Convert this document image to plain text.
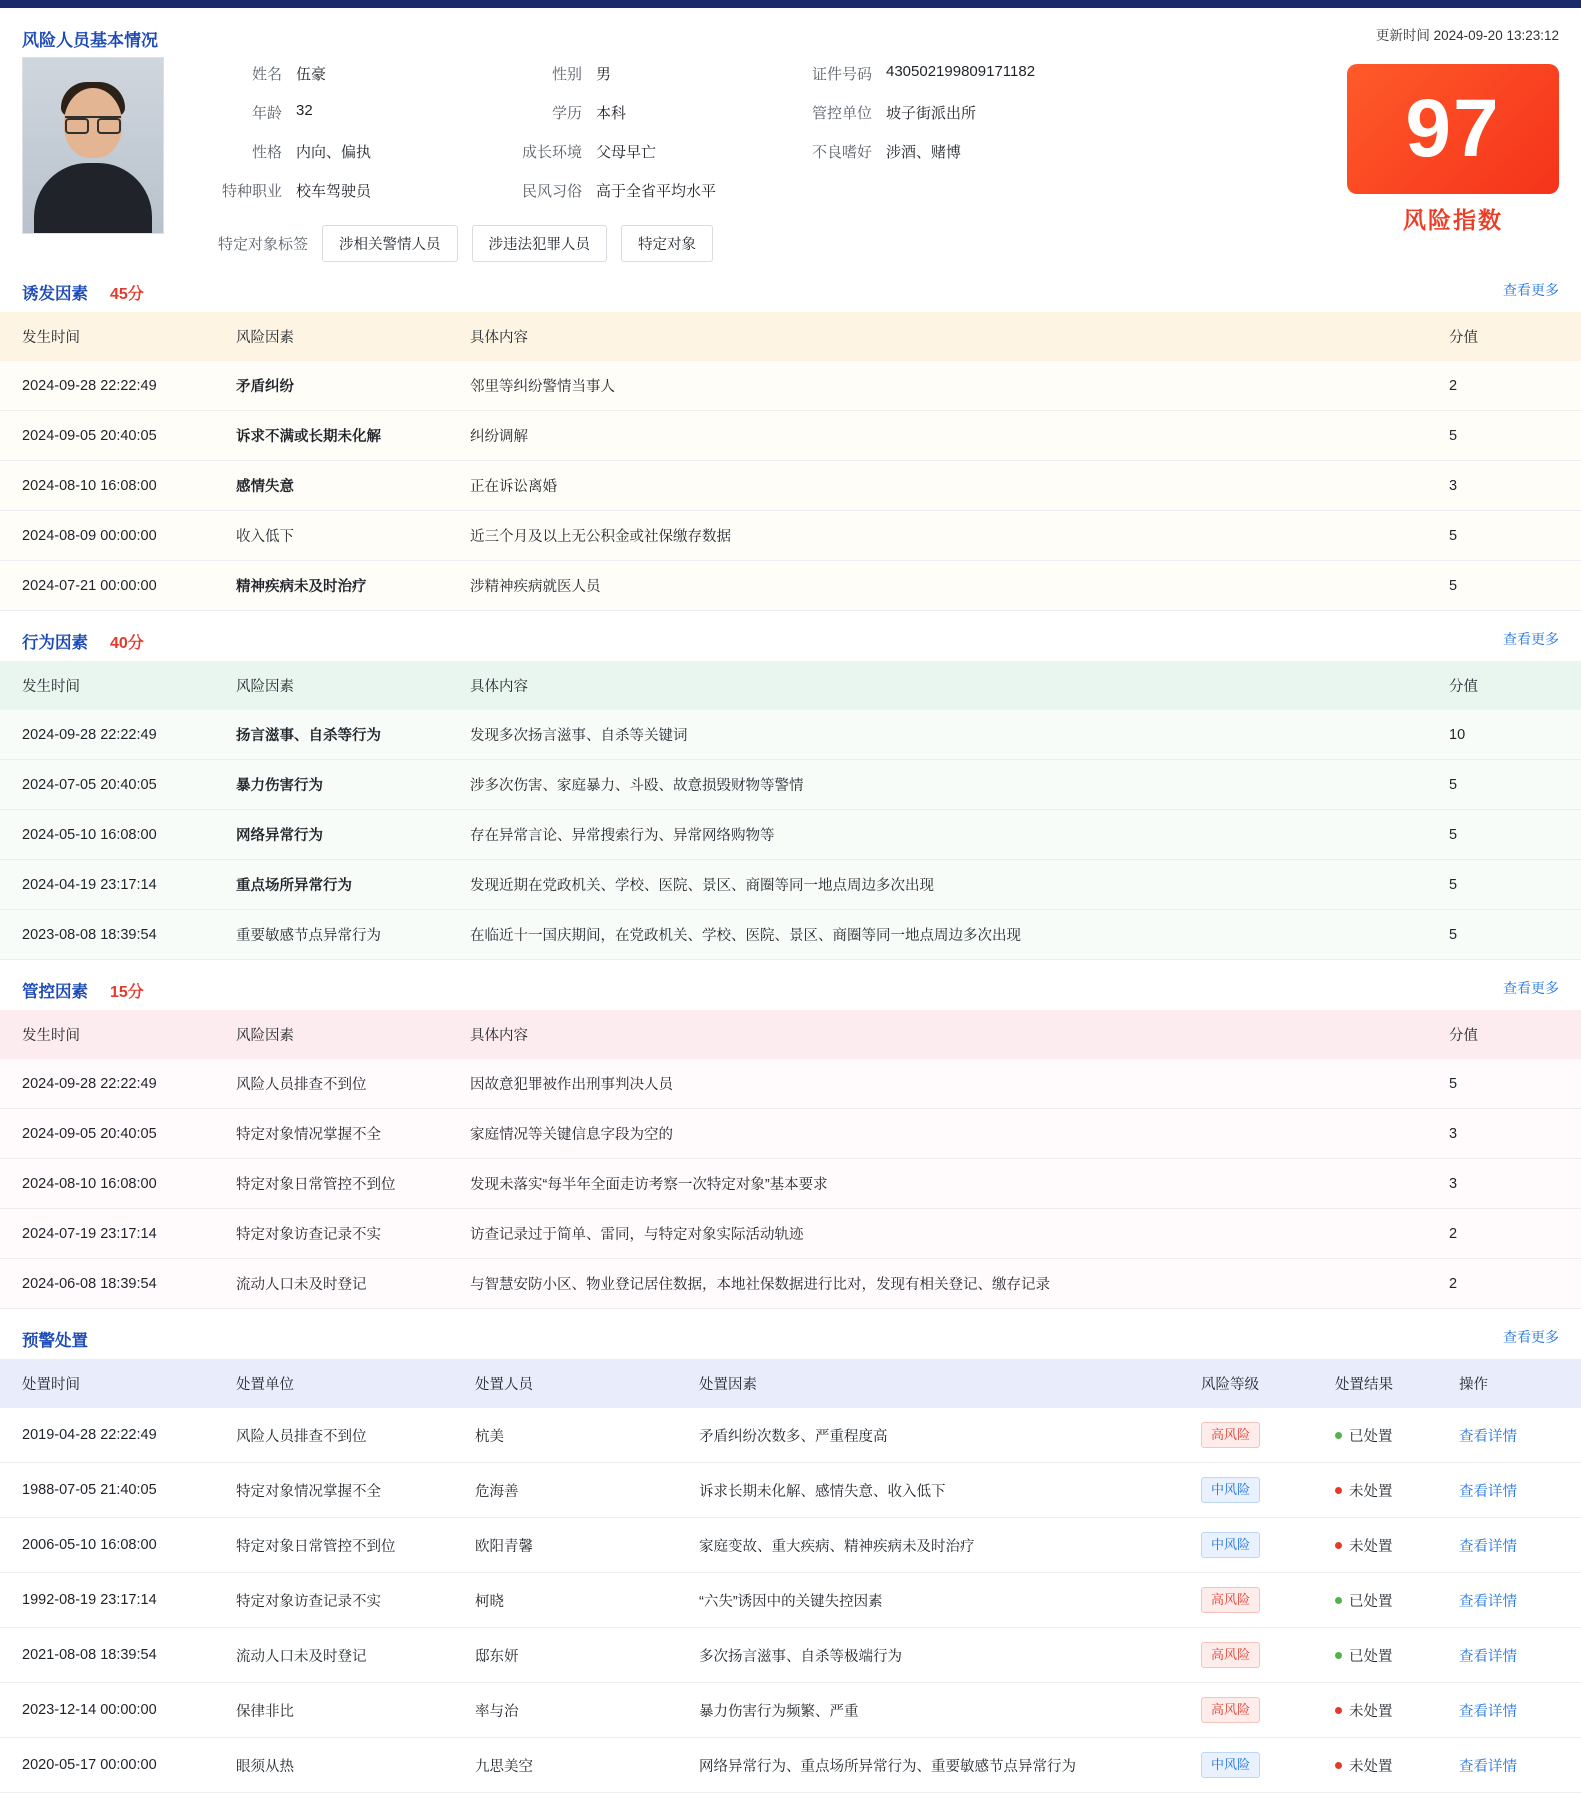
风险人员基本情况	更新时间 2024-09-20 13:23:12
姓名 伍豪	性别 男	证件号码 430502199809171182
年龄 32	学历 本科	管控单位 坡子街派出所
性格 内向、偏执	成长环境 父母早亡	不良嗜好 涉酒、赌博
特种职业 校车驾驶员	民风习俗 高于全省平均水平
特定对象标签	涉相关警情人员	涉违法犯罪人员	特定对象
97
风险指数
诱发因素 45分	查看更多
发生时间	风险因素	具体内容	分值
2024-09-28 22:22:49	矛盾纠纷	邻里等纠纷警情当事人	2
2024-09-05 20:40:05	诉求不满或长期未化解	纠纷调解	5
2024-08-10 16:08:00	感情失意	正在诉讼离婚	3
2024-08-09 00:00:00	收入低下	近三个月及以上无公积金或社保缴存数据	5
2024-07-21 00:00:00	精神疾病未及时治疗	涉精神疾病就医人员	5
行为因素 40分	查看更多
发生时间	风险因素	具体内容	分值
2024-09-28 22:22:49	扬言滋事、自杀等行为	发现多次扬言滋事、自杀等关键词	10
2024-07-05 20:40:05	暴力伤害行为	涉多次伤害、家庭暴力、斗殴、故意损毁财物等警情	5
2024-05-10 16:08:00	网络异常行为	存在异常言论、异常搜索行为、异常网络购物等	5
2024-04-19 23:17:14	重点场所异常行为	发现近期在党政机关、学校、医院、景区、商圈等同一地点周边多次出现	5
2023-08-08 18:39:54	重要敏感节点异常行为	在临近十一国庆期间，在党政机关、学校、医院、景区、商圈等同一地点周边多次出现	5
管控因素 15分	查看更多
发生时间	风险因素	具体内容	分值
2024-09-28 22:22:49	风险人员排查不到位	因故意犯罪被作出刑事判决人员	5
2024-09-05 20:40:05	特定对象情况掌握不全	家庭情况等关键信息字段为空的	3
2024-08-10 16:08:00	特定对象日常管控不到位	发现未落实“每半年全面走访考察一次特定对象”基本要求	3
2024-07-19 23:17:14	特定对象访查记录不实	访查记录过于简单、雷同，与特定对象实际活动轨迹	2
2024-06-08 18:39:54	流动人口未及时登记	与智慧安防小区、物业登记居住数据，本地社保数据进行比对，发现有相关登记、缴存记录	2
预警处置	查看更多
处置时间	处置单位	处置人员	处置因素	风险等级	处置结果	操作
2019-04-28 22:22:49	风险人员排查不到位	杭美	矛盾纠纷次数多、严重程度高	高风险	已处置	查看详情
1988-07-05 21:40:05	特定对象情况掌握不全	危海善	诉求长期未化解、感情失意、收入低下	中风险	未处置	查看详情
2006-05-10 16:08:00	特定对象日常管控不到位	欧阳青馨	家庭变故、重大疾病、精神疾病未及时治疗	中风险	未处置	查看详情
1992-08-19 23:17:14	特定对象访查记录不实	柯晓	“六失”诱因中的关键失控因素	高风险	已处置	查看详情
2021-08-08 18:39:54	流动人口未及时登记	邸东妍	多次扬言滋事、自杀等极端行为	高风险	已处置	查看详情
2023-12-14 00:00:00	保律非比	率与治	暴力伤害行为频繁、严重	高风险	未处置	查看详情
2020-05-17 00:00:00	眼须从热	九思美空	网络异常行为、重点场所异常行为、重要敏感节点异常行为	中风险	未处置	查看详情
